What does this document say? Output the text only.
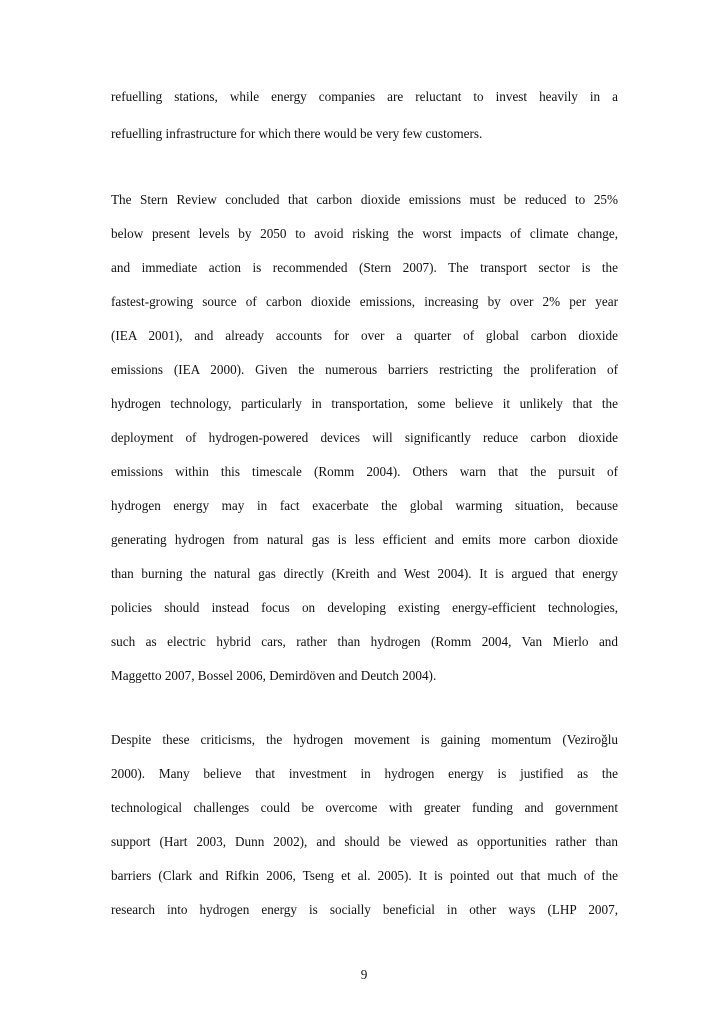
refuelling stations, while energy companies are reluctant to invest heavily in a
refuelling infrastructure for which there would be very few customers.
The Stern Review concluded that carbon dioxide emissions must be reduced to 25%
below present levels by 2050 to avoid risking the worst impacts of climate change,
and immediate action is recommended (Stern 2007). The transport sector is the
fastest-growing source of carbon dioxide emissions, increasing by over 2% per year
(IEA 2001), and already accounts for over a quarter of global carbon dioxide
emissions (IEA 2000). Given the numerous barriers restricting the proliferation of
hydrogen technology, particularly in transportation, some believe it unlikely that the
deployment of hydrogen-powered devices will significantly reduce carbon dioxide
emissions within this timescale (Romm 2004). Others warn that the pursuit of
hydrogen energy may in fact exacerbate the global warming situation, because
generating hydrogen from natural gas is less efficient and emits more carbon dioxide
than burning the natural gas directly (Kreith and West 2004). It is argued that energy
policies should instead focus on developing existing energy-efficient technologies,
such as electric hybrid cars, rather than hydrogen (Romm 2004, Van Mierlo and
Maggetto 2007, Bossel 2006, Demirdöven and Deutch 2004).
Despite these criticisms, the hydrogen movement is gaining momentum (Veziroğlu
2000). Many believe that investment in hydrogen energy is justified as the
technological challenges could be overcome with greater funding and government
support (Hart 2003, Dunn 2002), and should be viewed as opportunities rather than
barriers (Clark and Rifkin 2006, Tseng et al. 2005). It is pointed out that much of the
research into hydrogen energy is socially beneficial in other ways (LHP 2007,
9
